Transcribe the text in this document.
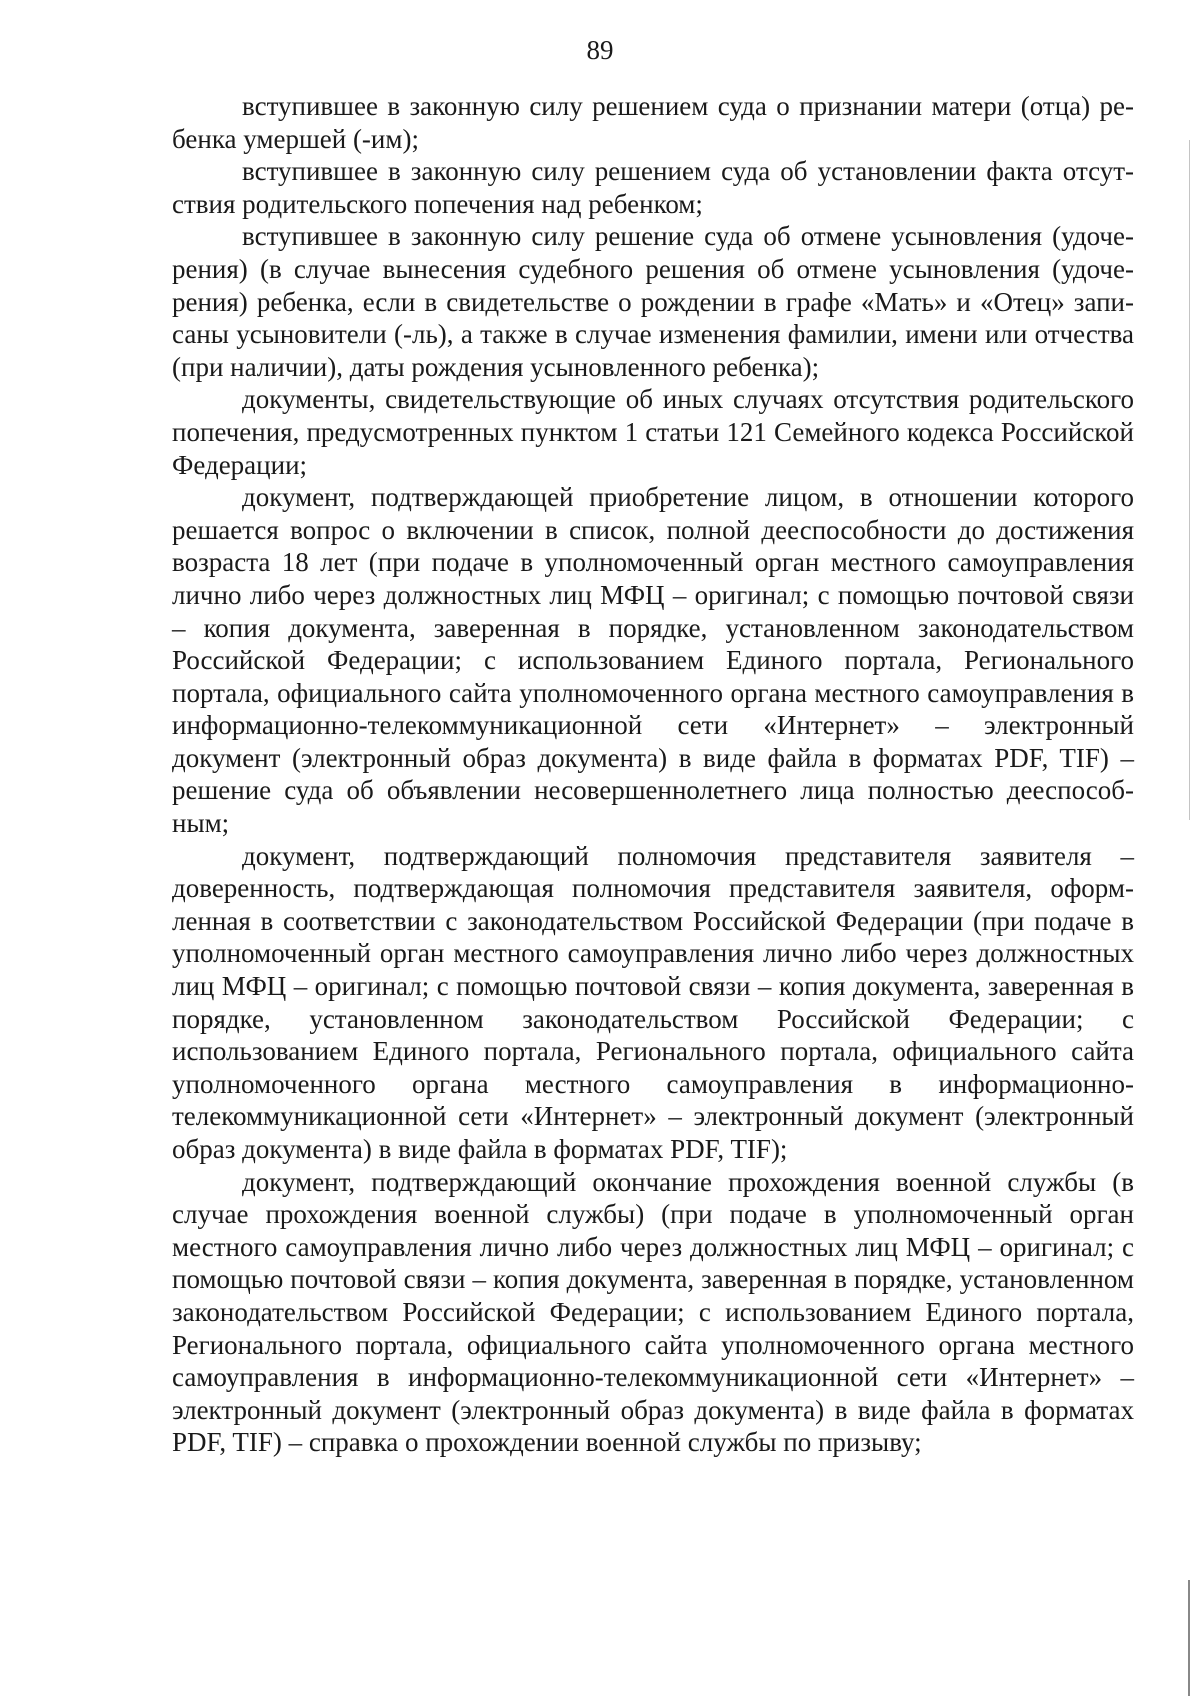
89

вступившее в законную силу решением суда о признании матери (отца) ребенка умершей (-им);

вступившее в законную силу решением суда об установлении факта отсутствия родительского попечения над ребенком;

вступившее в законную силу решение суда об отмене усыновления (удочерения) (в случае вынесения судебного решения об отмене усыновления (удочерения) ребенка, если в свидетельстве о рождении в графе «Мать» и «Отец» записаны усыновители (-ль), а также в случае изменения фамилии, имени или отчества (при наличии), даты рождения усыновленного ребенка);

документы, свидетельствующие об иных случаях отсутствия родительского попечения, предусмотренных пунктом 1 статьи 121 Семейного кодекса Российской Федерации;

документ, подтверждающей приобретение лицом, в отношении которого решается вопрос о включении в список, полной дееспособности до достижения возраста 18 лет (при подаче в уполномоченный орган местного самоуправления лично либо через должностных лиц МФЦ – оригинал; с помощью почтовой связи – копия документа, заверенная в порядке, установленном законодательством Российской Федерации; с использованием Единого портала, Регионального портала, официального сайта уполномоченного органа местного самоуправления в информационно-телекоммуникационной сети «Интернет» – электронный документ (электронный образ документа) в виде файла в форматах PDF, TIF) – решение суда об объявлении несовершеннолетнего лица полностью дееспособным;

документ, подтверждающий полномочия представителя заявителя – доверенность, подтверждающая полномочия представителя заявителя, оформленная в соответствии с законодательством Российской Федерации (при подаче в уполномоченный орган местного самоуправления лично либо через должностных лиц МФЦ – оригинал; с помощью почтовой связи – копия документа, заверенная в порядке, установленном законодательством Российской Федерации; с использованием Единого портала, Регионального портала, официального сайта уполномоченного органа местного самоуправления в информационно-телекоммуникационной сети «Интернет» – электронный документ (электронный образ документа) в виде файла в форматах PDF, TIF);

документ, подтверждающий окончание прохождения военной службы (в случае прохождения военной службы) (при подаче в уполномоченный орган местного самоуправления лично либо через должностных лиц МФЦ – оригинал; с помощью почтовой связи – копия документа, заверенная в порядке, установленном законодательством Российской Федерации; с использованием Единого портала, Регионального портала, официального сайта уполномоченного органа местного самоуправления в информационно-телекоммуникационной сети «Интернет» – электронный документ (электронный образ документа) в виде файла в форматах PDF, TIF) – справка о прохождении военной службы по призыву;
